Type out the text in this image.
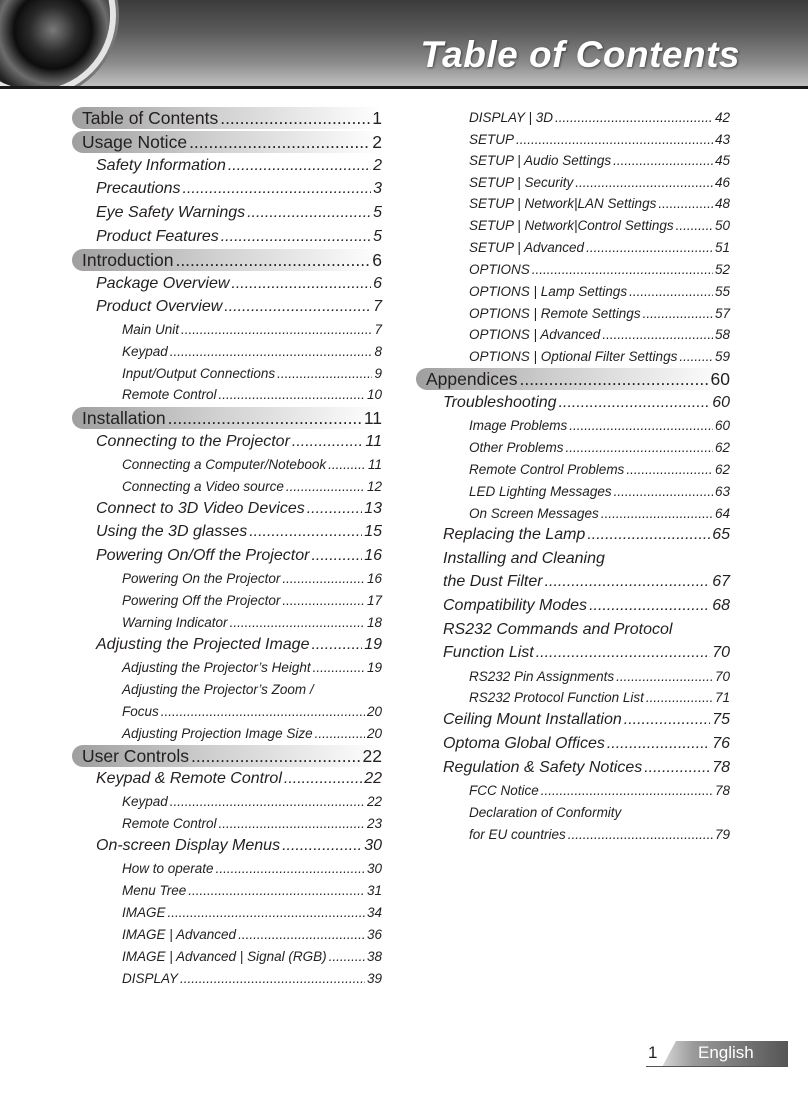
Table of Contents
Table of Contents .....	1
Usage Notice .....	2
Safety Information .....	2
Precautions .....	3
Eye Safety Warnings .....	5
Product Features .....	5
Introduction .....	6
Package Overview .....	6
Product Overview .....	7
Main Unit .....	7
Keypad .....	8
Input/Output Connections .....	9
Remote Control .....	10
Installation .....	11
Connecting to the Projector .....	11
Connecting a Computer/Notebook .....	11
Connecting a Video source .....	12
Connect to 3D Video Devices .....	13
Using the 3D glasses .....	15
Powering On/Off the Projector .....	16
Powering On the Projector .....	16
Powering Off the Projector .....	17
Warning Indicator .....	18
Adjusting the Projected Image .....	19
Adjusting the Projector’s Height .....	19
Adjusting the Projector’s Zoom /
Focus .....	20
Adjusting Projection Image Size .....	20
User Controls .....	22
Keypad & Remote Control .....	22
Keypad .....	22
Remote Control .....	23
On-screen Display Menus .....	30
How to operate .....	30
Menu Tree .....	31
IMAGE .....	34
IMAGE | Advanced .....	36
IMAGE | Advanced | Signal (RGB) .....	38
DISPLAY .....	39
DISPLAY | 3D .....	42
SETUP .....	43
SETUP | Audio Settings .....	45
SETUP | Security .....	46
SETUP | Network|LAN Settings .....	48
SETUP | Network|Control Settings .....	50
SETUP | Advanced .....	51
OPTIONS .....	52
OPTIONS | Lamp Settings .....	55
OPTIONS | Remote Settings .....	57
OPTIONS | Advanced .....	58
OPTIONS | Optional Filter Settings .....	59
Appendices .....	60
Troubleshooting .....	60
Image Problems .....	60
Other Problems .....	62
Remote Control Problems .....	62
LED Lighting Messages .....	63
On Screen Messages .....	64
Replacing the Lamp .....	65
Installing and Cleaning
the Dust Filter .....	67
Compatibility Modes .....	68
RS232 Commands and Protocol
Function List .....	70
RS232 Pin Assignments .....	70
RS232 Protocol Function List .....	71
Ceiling Mount Installation .....	75
Optoma Global Offices .....	76
Regulation & Safety Notices .....	78
FCC Notice .....	78
Declaration of Conformity
for EU countries .....	79
1 English
